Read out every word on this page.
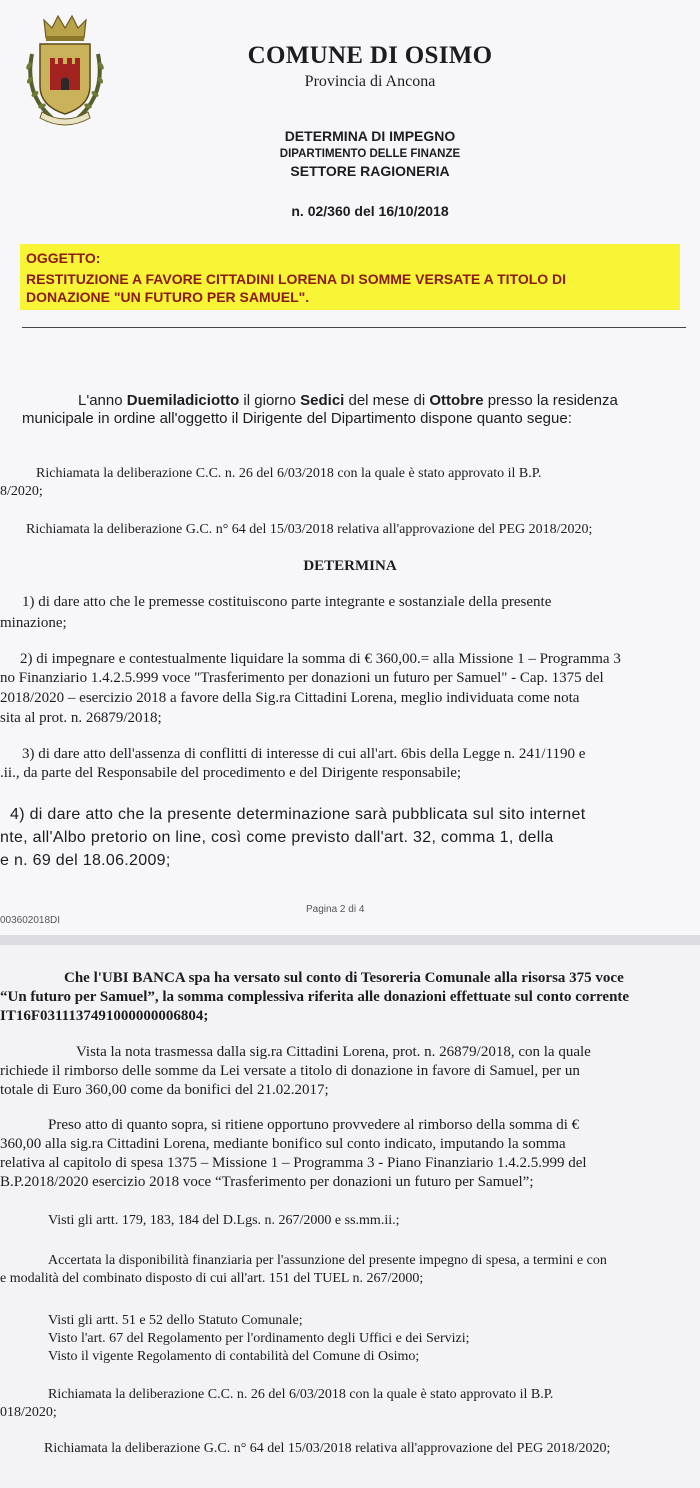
COMUNE DI OSIMO
Provincia di Ancona
DETERMINA DI IMPEGNO
DIPARTIMENTO DELLE FINANZE
SETTORE RAGIONERIA
n. 02/360 del 16/10/2018
OGGETTO:
RESTITUZIONE A FAVORE CITTADINI LORENA DI SOMME VERSATE A TITOLO DI
DONAZIONE "UN FUTURO PER SAMUEL".
L'anno Duemiladiciotto il giorno Sedici del mese di Ottobre presso la residenza
municipale in ordine all'oggetto il Dirigente del Dipartimento dispone quanto segue:
Richiamata la deliberazione C.C. n. 26 del 6/03/2018 con la quale è stato approvato il B.P.
8/2020;
Richiamata la deliberazione G.C. n° 64 del 15/03/2018 relativa all'approvazione del PEG 2018/2020;
DETERMINA
1) di dare atto che le premesse costituiscono parte integrante e sostanziale della presente
minazione;
2) di impegnare e contestualmente liquidare la somma di € 360,00.= alla Missione 1 – Programma 3
no Finanziario 1.4.2.5.999 voce "Trasferimento per donazioni un futuro per Samuel" - Cap. 1375 del
2018/2020 – esercizio 2018 a favore della Sig.ra Cittadini Lorena, meglio individuata come nota
sita al prot. n. 26879/2018;
3) di dare atto dell'assenza di conflitti di interesse di cui all'art. 6bis della Legge n. 241/1190 e
.ii., da parte del Responsabile del procedimento e del Dirigente responsabile;
4) di dare atto che la presente determinazione sarà pubblicata sul sito internet
nte, all'Albo pretorio on line, così come previsto dall'art. 32, comma 1, della
e n. 69 del 18.06.2009;
003602018DI
Pagina 2 di 4
Che l'UBI BANCA spa ha versato sul conto di Tesoreria Comunale alla risorsa 375 voce
“Un futuro per Samuel”, la somma complessiva riferita alle donazioni effettuate sul conto corrente
IT16F0311137491000000006804;
Vista la nota trasmessa dalla sig.ra Cittadini Lorena, prot. n. 26879/2018, con la quale
richiede il rimborso delle somme da Lei versate a titolo di donazione in favore di Samuel, per un
totale di Euro 360,00 come da bonifici del 21.02.2017;
Preso atto di quanto sopra, si ritiene opportuno provvedere al rimborso della somma di €
360,00 alla sig.ra Cittadini Lorena, mediante bonifico sul conto indicato, imputando la somma
relativa al capitolo di spesa 1375 – Missione 1 – Programma 3 - Piano Finanziario 1.4.2.5.999 del
B.P.2018/2020 esercizio 2018 voce “Trasferimento per donazioni un futuro per Samuel”;
Visti gli artt. 179, 183, 184 del D.Lgs. n. 267/2000 e ss.mm.ii.;
Accertata la disponibilità finanziaria per l'assunzione del presente impegno di spesa, a termini e con
e modalità del combinato disposto di cui all'art. 151 del TUEL n. 267/2000;
Visti gli artt. 51 e 52 dello Statuto Comunale;
Visto l'art. 67 del Regolamento per l'ordinamento degli Uffici e dei Servizi;
Visto il vigente Regolamento di contabilità del Comune di Osimo;
Richiamata la deliberazione C.C. n. 26 del 6/03/2018 con la quale è stato approvato il B.P.
018/2020;
Richiamata la deliberazione G.C. n° 64 del 15/03/2018 relativa all'approvazione del PEG 2018/2020;
